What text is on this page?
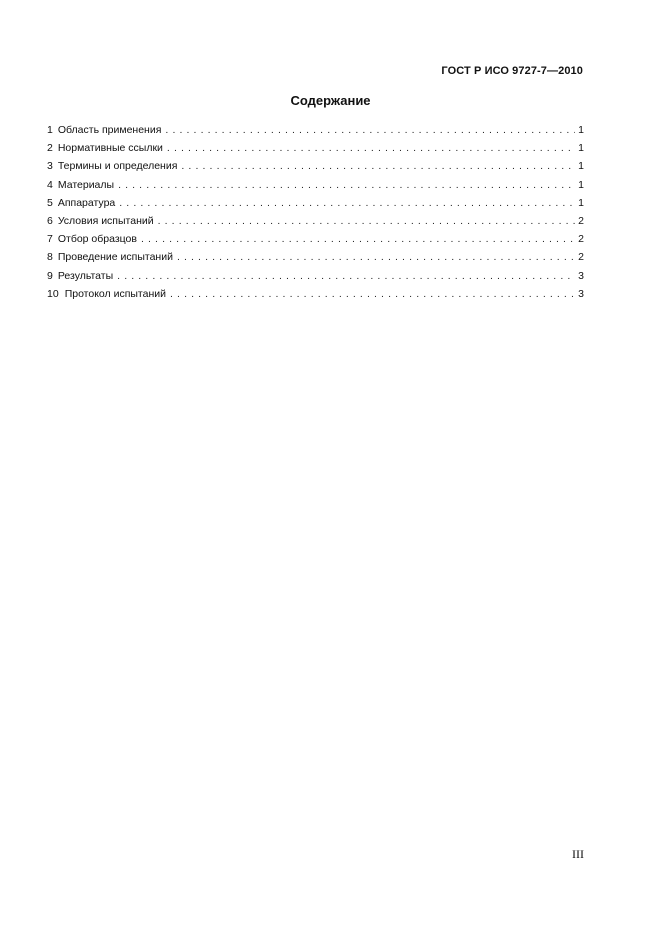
ГОСТ Р ИСО 9727-7—2010
Содержание
1 Область применения . . .	1
2 Нормативные ссылки . . .	1
3 Термины и определения . . .	1
4 Материалы . . .	1
5 Аппаратура . . .	1
6 Условия испытаний . . .	2
7 Отбор образцов . . .	2
8 Проведение испытаний . . .	2
9 Результаты . . .	3
10 Протокол испытаний . . .	3
III
